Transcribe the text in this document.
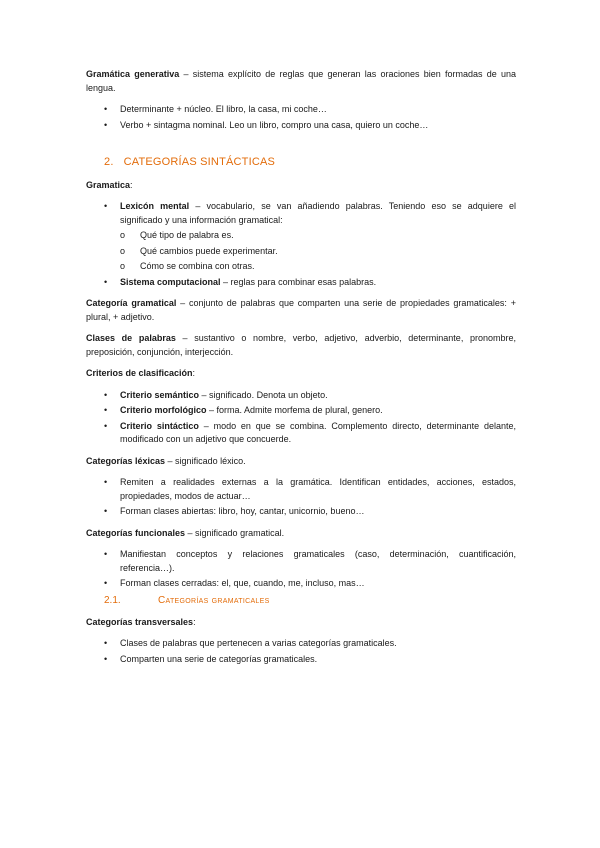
Gramática generativa – sistema explícito de reglas que generan las oraciones bien formadas de una lengua.

• Determinante + núcleo. El libro, la casa, mi coche…
• Verbo + sintagma nominal. Leo un libro, compro una casa, quiero un coche…
2. CATEGORÍAS SINTÁCTICAS

Gramatica:

• Lexicón mental – vocabulario, se van añadiendo palabras. Teniendo eso se adquiere el significado y una información gramatical:
o Qué tipo de palabra es.
o Qué cambios puede experimentar.
o Cómo se combina con otras.
• Sistema computacional – reglas para combinar esas palabras.

Categoría gramatical – conjunto de palabras que comparten una serie de propiedades gramaticales: + plural, + adjetivo.

Clases de palabras – sustantivo o nombre, verbo, adjetivo, adverbio, determinante, pronombre, preposición, conjunción, interjección.

Criterios de clasificación:

• Criterio semántico – significado. Denota un objeto.
• Criterio morfológico – forma. Admite morfema de plural, genero.
• Criterio sintáctico – modo en que se combina. Complemento directo, determinante delante, modificado con un adjetivo que concuerde.

Categorías léxicas – significado léxico.

• Remiten a realidades externas a la gramática. Identifican entidades, acciones, estados, propiedades, modos de actuar…
• Forman clases abiertas: libro, hoy, cantar, unicornio, bueno…

Categorías funcionales – significado gramatical.

• Manifiestan conceptos y relaciones gramaticales (caso, determinación, cuantificación, referencia…).
• Forman clases cerradas: el, que, cuando, me, incluso, mas…
2.1.	Categorías gramaticales

Categorías transversales:

• Clases de palabras que pertenecen a varias categorías gramaticales.
• Comparten una serie de categorías gramaticales.
